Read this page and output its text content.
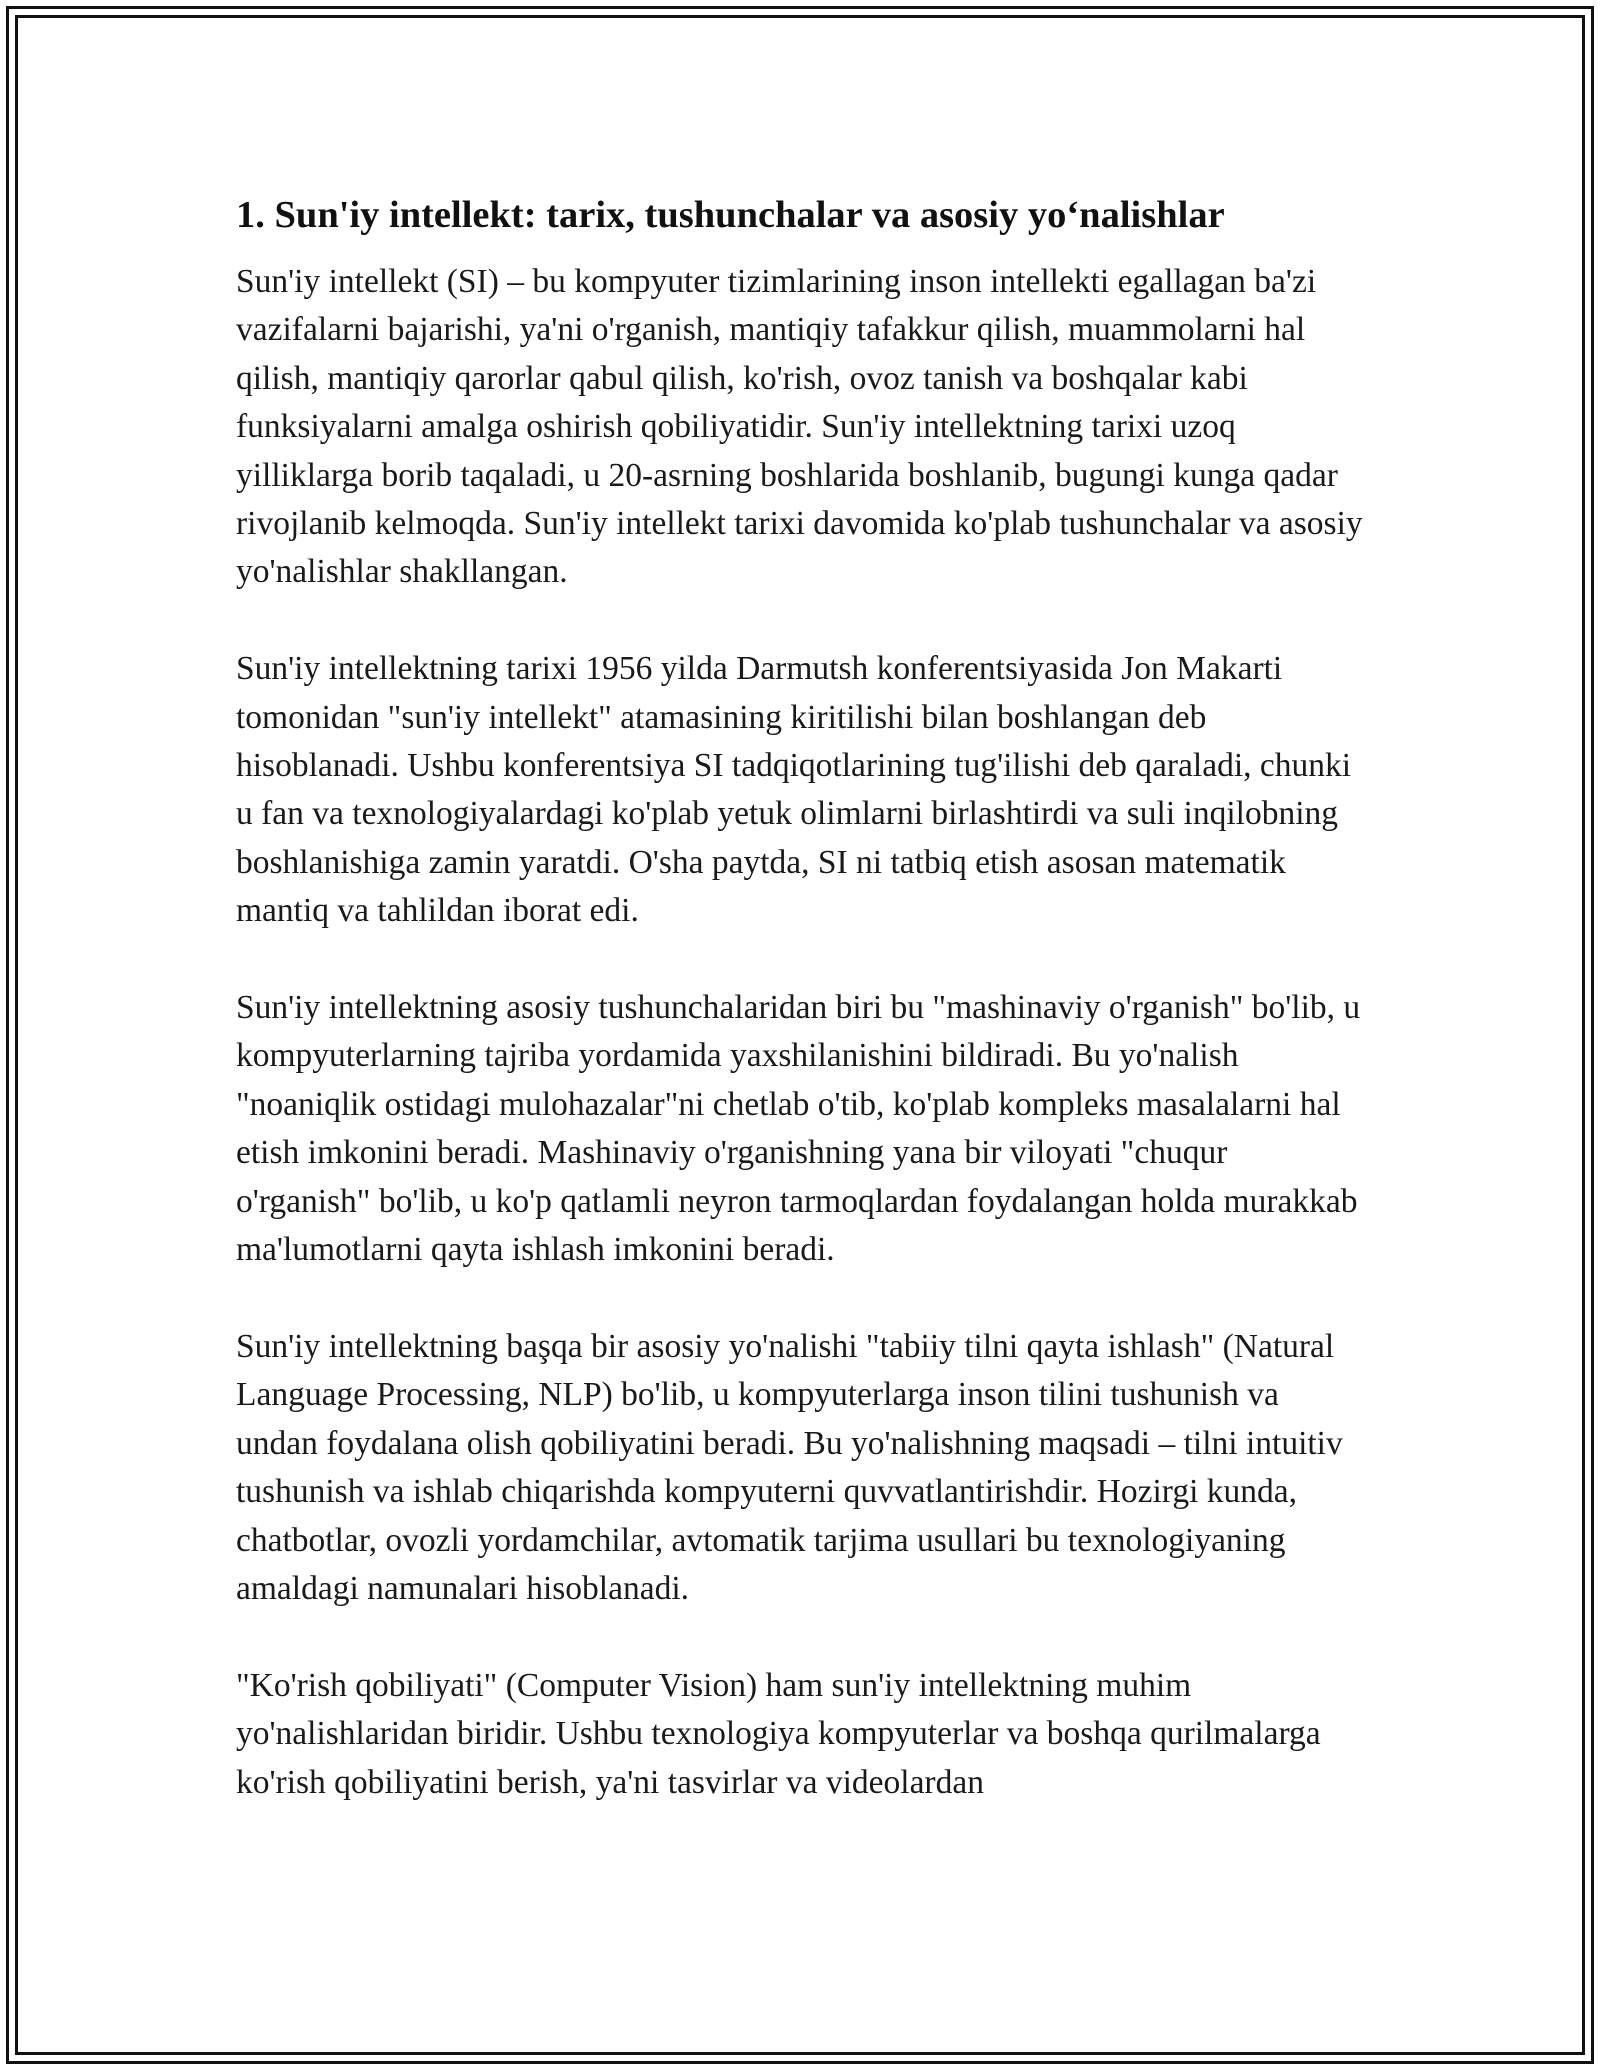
1. Sun'iy intellekt: tarix, tushunchalar va asosiy yo‘nalishlar

Sun'iy intellekt (SI) – bu kompyuter tizimlarining inson intellekti egallagan ba'zi vazifalarni bajarishi, ya'ni o'rganish, mantiqiy tafakkur qilish, muammolarni hal qilish, mantiqiy qarorlar qabul qilish, ko'rish, ovoz tanish va boshqalar kabi funksiyalarni amalga oshirish qobiliyatidir. Sun'iy intellektning tarixi uzoq yilliklarga borib taqaladi, u 20-asrning boshlarida boshlanib, bugungi kunga qadar rivojlanib kelmoqda. Sun'iy intellekt tarixi davomida ko'plab tushunchalar va asosiy yo'nalishlar shakllangan.

Sun'iy intellektning tarixi 1956 yilda Darmutsh konferentsiyasida Jon Makarti tomonidan "sun'iy intellekt" atamasining kiritilishi bilan boshlangan deb hisoblanadi. Ushbu konferentsiya SI tadqiqotlarining tug'ilishi deb qaraladi, chunki u fan va texnologiyalardagi ko'plab yetuk olimlarni birlashtirdi va suli inqilobning boshlanishiga zamin yaratdi. O'sha paytda, SI ni tatbiq etish asosan matematik mantiq va tahlildan iborat edi.

Sun'iy intellektning asosiy tushunchalaridan biri bu "mashinaviy o'rganish" bo'lib, u kompyuterlarning tajriba yordamida yaxshilanishini bildiradi. Bu yo'nalish "noaniqlik ostidagi mulohazalar"ni chetlab o'tib, ko'plab kompleks masalalarni hal etish imkonini beradi. Mashinaviy o'rganishning yana bir viloyati "chuqur o'rganish" bo'lib, u ko'p qatlamli neyron tarmoqlardan foydalangan holda murakkab ma'lumotlarni qayta ishlash imkonini beradi.

Sun'iy intellektning başqa bir asosiy yo'nalishi "tabiiy tilni qayta ishlash" (Natural Language Processing, NLP) bo'lib, u kompyuterlarga inson tilini tushunish va undan foydalana olish qobiliyatini beradi. Bu yo'nalishning maqsadi – tilni intuitiv tushunish va ishlab chiqarishda kompyuterni quvvatlantirishdir. Hozirgi kunda, chatbotlar, ovozli yordamchilar, avtomatik tarjima usullari bu texnologiyaning amaldagi namunalari hisoblanadi.

"Ko'rish qobiliyati" (Computer Vision) ham sun'iy intellektning muhim yo'nalishlaridan biridir. Ushbu texnologiya kompyuterlar va boshqa qurilmalarga ko'rish qobiliyatini berish, ya'ni tasvirlar va videolardan
